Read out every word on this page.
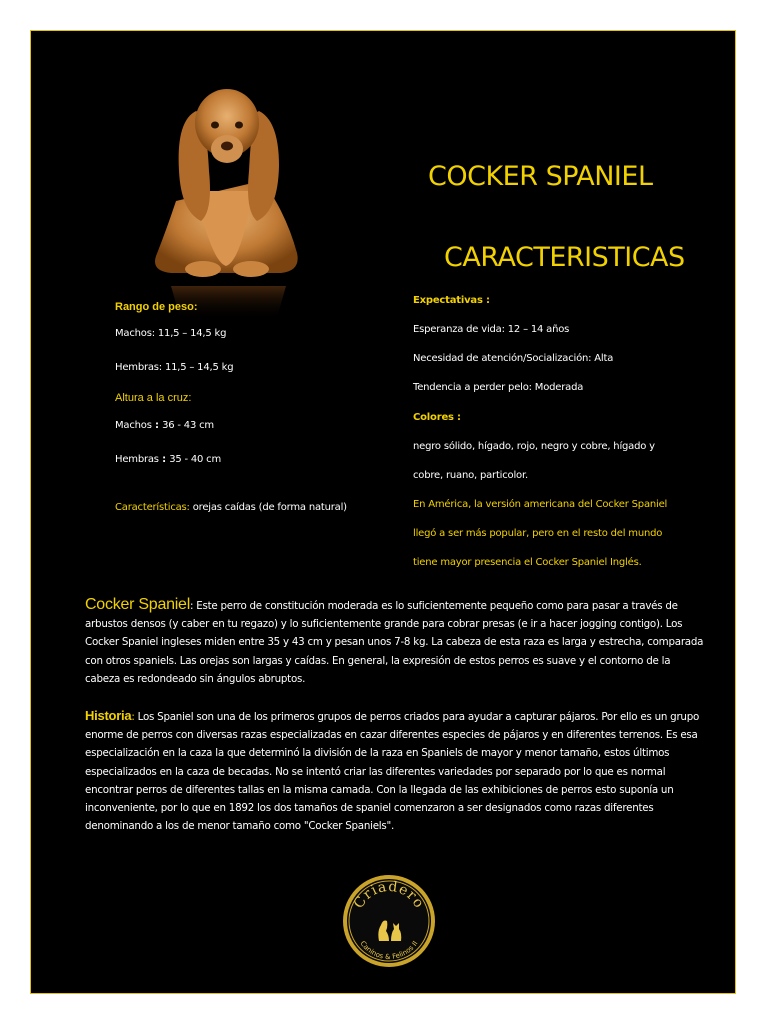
COCKER SPANIEL
CARACTERISTICAS
Rango de peso:
Machos: 11,5 – 14,5 kg
Hembras: 11,5 – 14,5 kg
Altura a la cruz:
Machos : 36 - 43 cm
Hembras : 35 - 40 cm
Características: orejas caídas (de forma natural)
Expectativas :
Esperanza de vida: 12 – 14 años
Necesidad de atención/Socialización: Alta
Tendencia a perder pelo: Moderada
Colores :
negro sólido, hígado, rojo, negro y cobre, hígado y
cobre, ruano, particolor.
En América, la versión americana del Cocker Spaniel
llegó a ser más popular, pero en el resto del mundo
tiene mayor presencia el Cocker Spaniel Inglés.
Cocker Spaniel: Este perro de constitución moderada es lo suficientemente pequeño como para pasar a través de arbustos densos (y caber en tu regazo) y lo suficientemente grande para cobrar presas (e ir a hacer jogging contigo). Los Cocker Spaniel ingleses miden entre 35 y 43 cm y pesan unos 7-8 kg. La cabeza de esta raza es larga y estrecha, comparada con otros spaniels. Las orejas son largas y caídas. En general, la expresión de estos perros es suave y el contorno de la cabeza es redondeado sin ángulos abruptos.
Historia: Los Spaniel son una de los primeros grupos de perros criados para ayudar a capturar pájaros. Por ello es un grupo enorme de perros con diversas razas especializadas en cazar diferentes especies de pájaros y en diferentes terrenos. Es esa especialización en la caza la que determinó la división de la raza en Spaniels de mayor y menor tamaño, estos últimos especializados en la caza de becadas. No se intentó criar las diferentes variedades por separado por lo que es normal encontrar perros de diferentes tallas en la misma camada. Con la llegada de las exhibiciones de perros esto suponía un inconveniente, por lo que en 1892 los dos tamaños de spaniel comenzaron a ser designados como razas diferentes denominando a los de menor tamaño como "Cocker Spaniels".
Criadero
Caninos & Felinos II
